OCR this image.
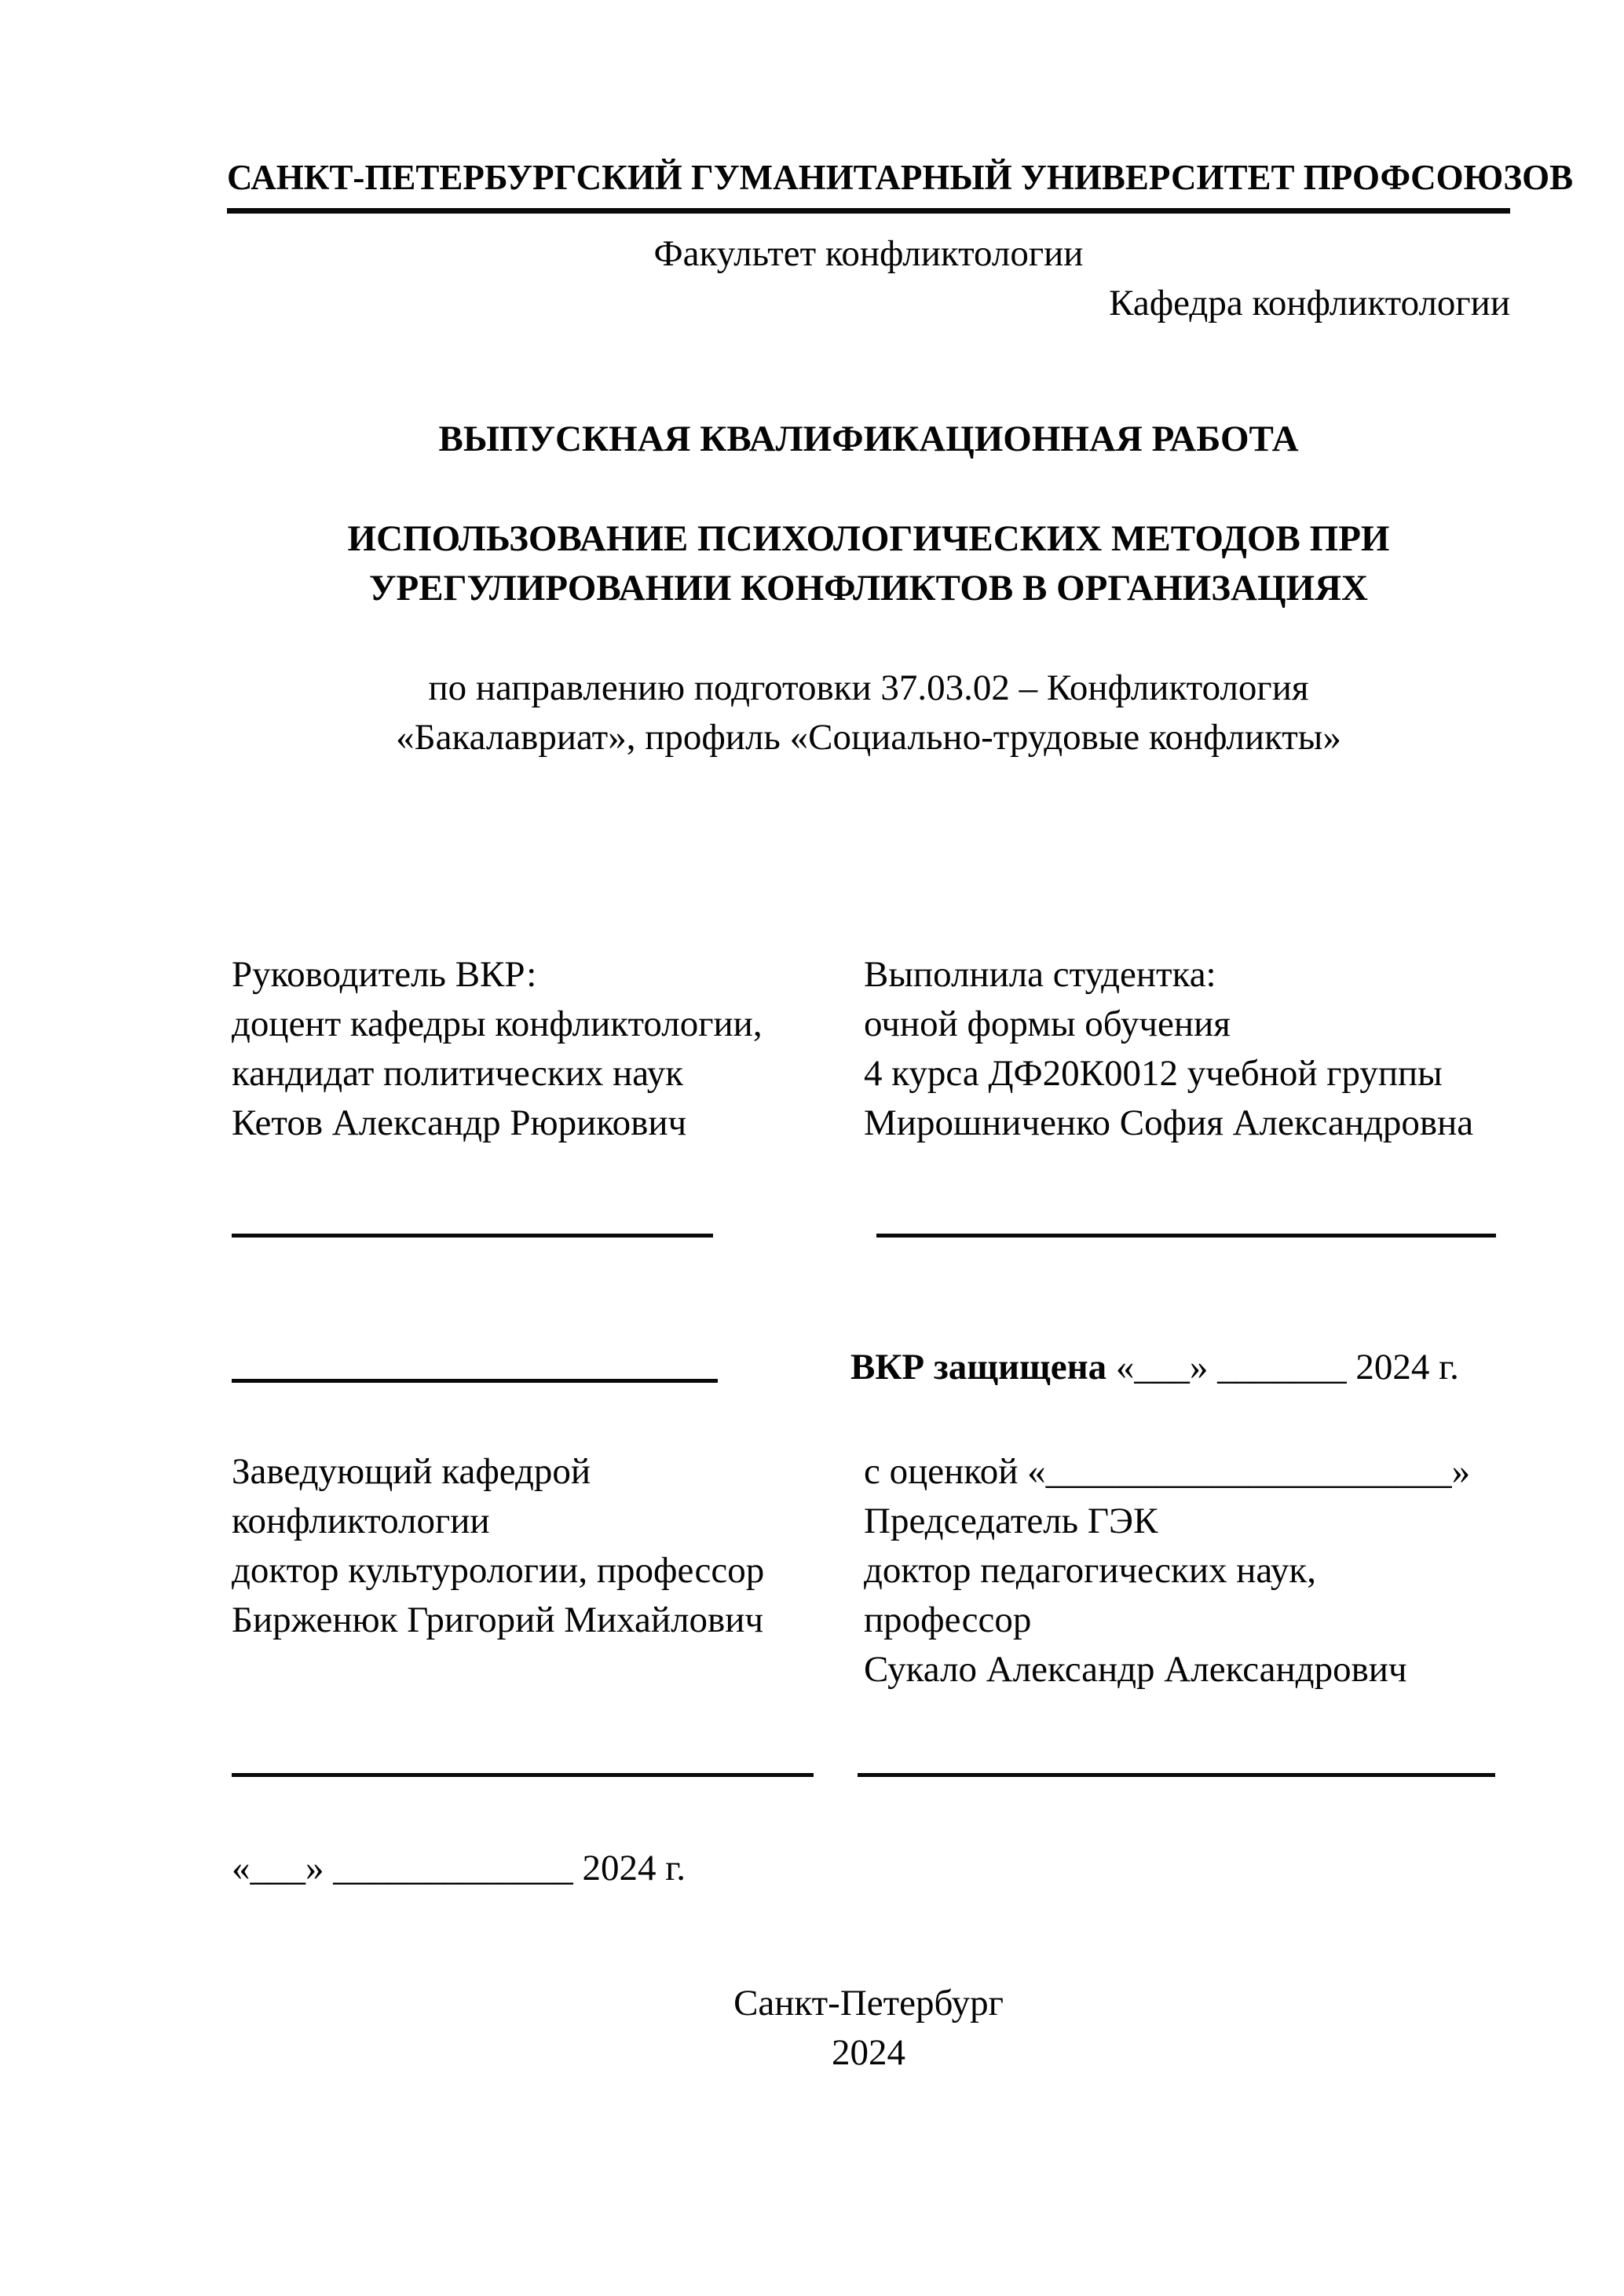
САНКТ-ПЕТЕРБУРГСКИЙ ГУМАНИТАРНЫЙ УНИВЕРСИТЕТ ПРОФСОЮЗОВ
Факультет конфликтологии
Кафедра конфликтологии
ВЫПУСКНАЯ КВАЛИФИКАЦИОННАЯ РАБОТА
ИСПОЛЬЗОВАНИЕ ПСИХОЛОГИЧЕСКИХ МЕТОДОВ ПРИ
УРЕГУЛИРОВАНИИ КОНФЛИКТОВ В ОРГАНИЗАЦИЯХ
по направлению подготовки 37.03.02 – Конфликтология
«Бакалавриат», профиль «Социально-трудовые конфликты»
Руководитель ВКР:
доцент кафедры конфликтологии,
кандидат политических наук
Кетов Александр Рюрикович
Выполнила студентка:
очной формы обучения
4 курса ДФ20К0012 учебной группы
Мирошниченко София Александровна
ВКР защищена «___» _______ 2024 г.
Заведующий кафедрой
конфликтологии
доктор культурологии, профессор
Бирженюк Григорий Михайлович
с оценкой «______________________»
Председатель ГЭК
доктор педагогических наук,
профессор
Сукало Александр Александрович
«___» _____________ 2024 г.
Санкт-Петербург
2024
